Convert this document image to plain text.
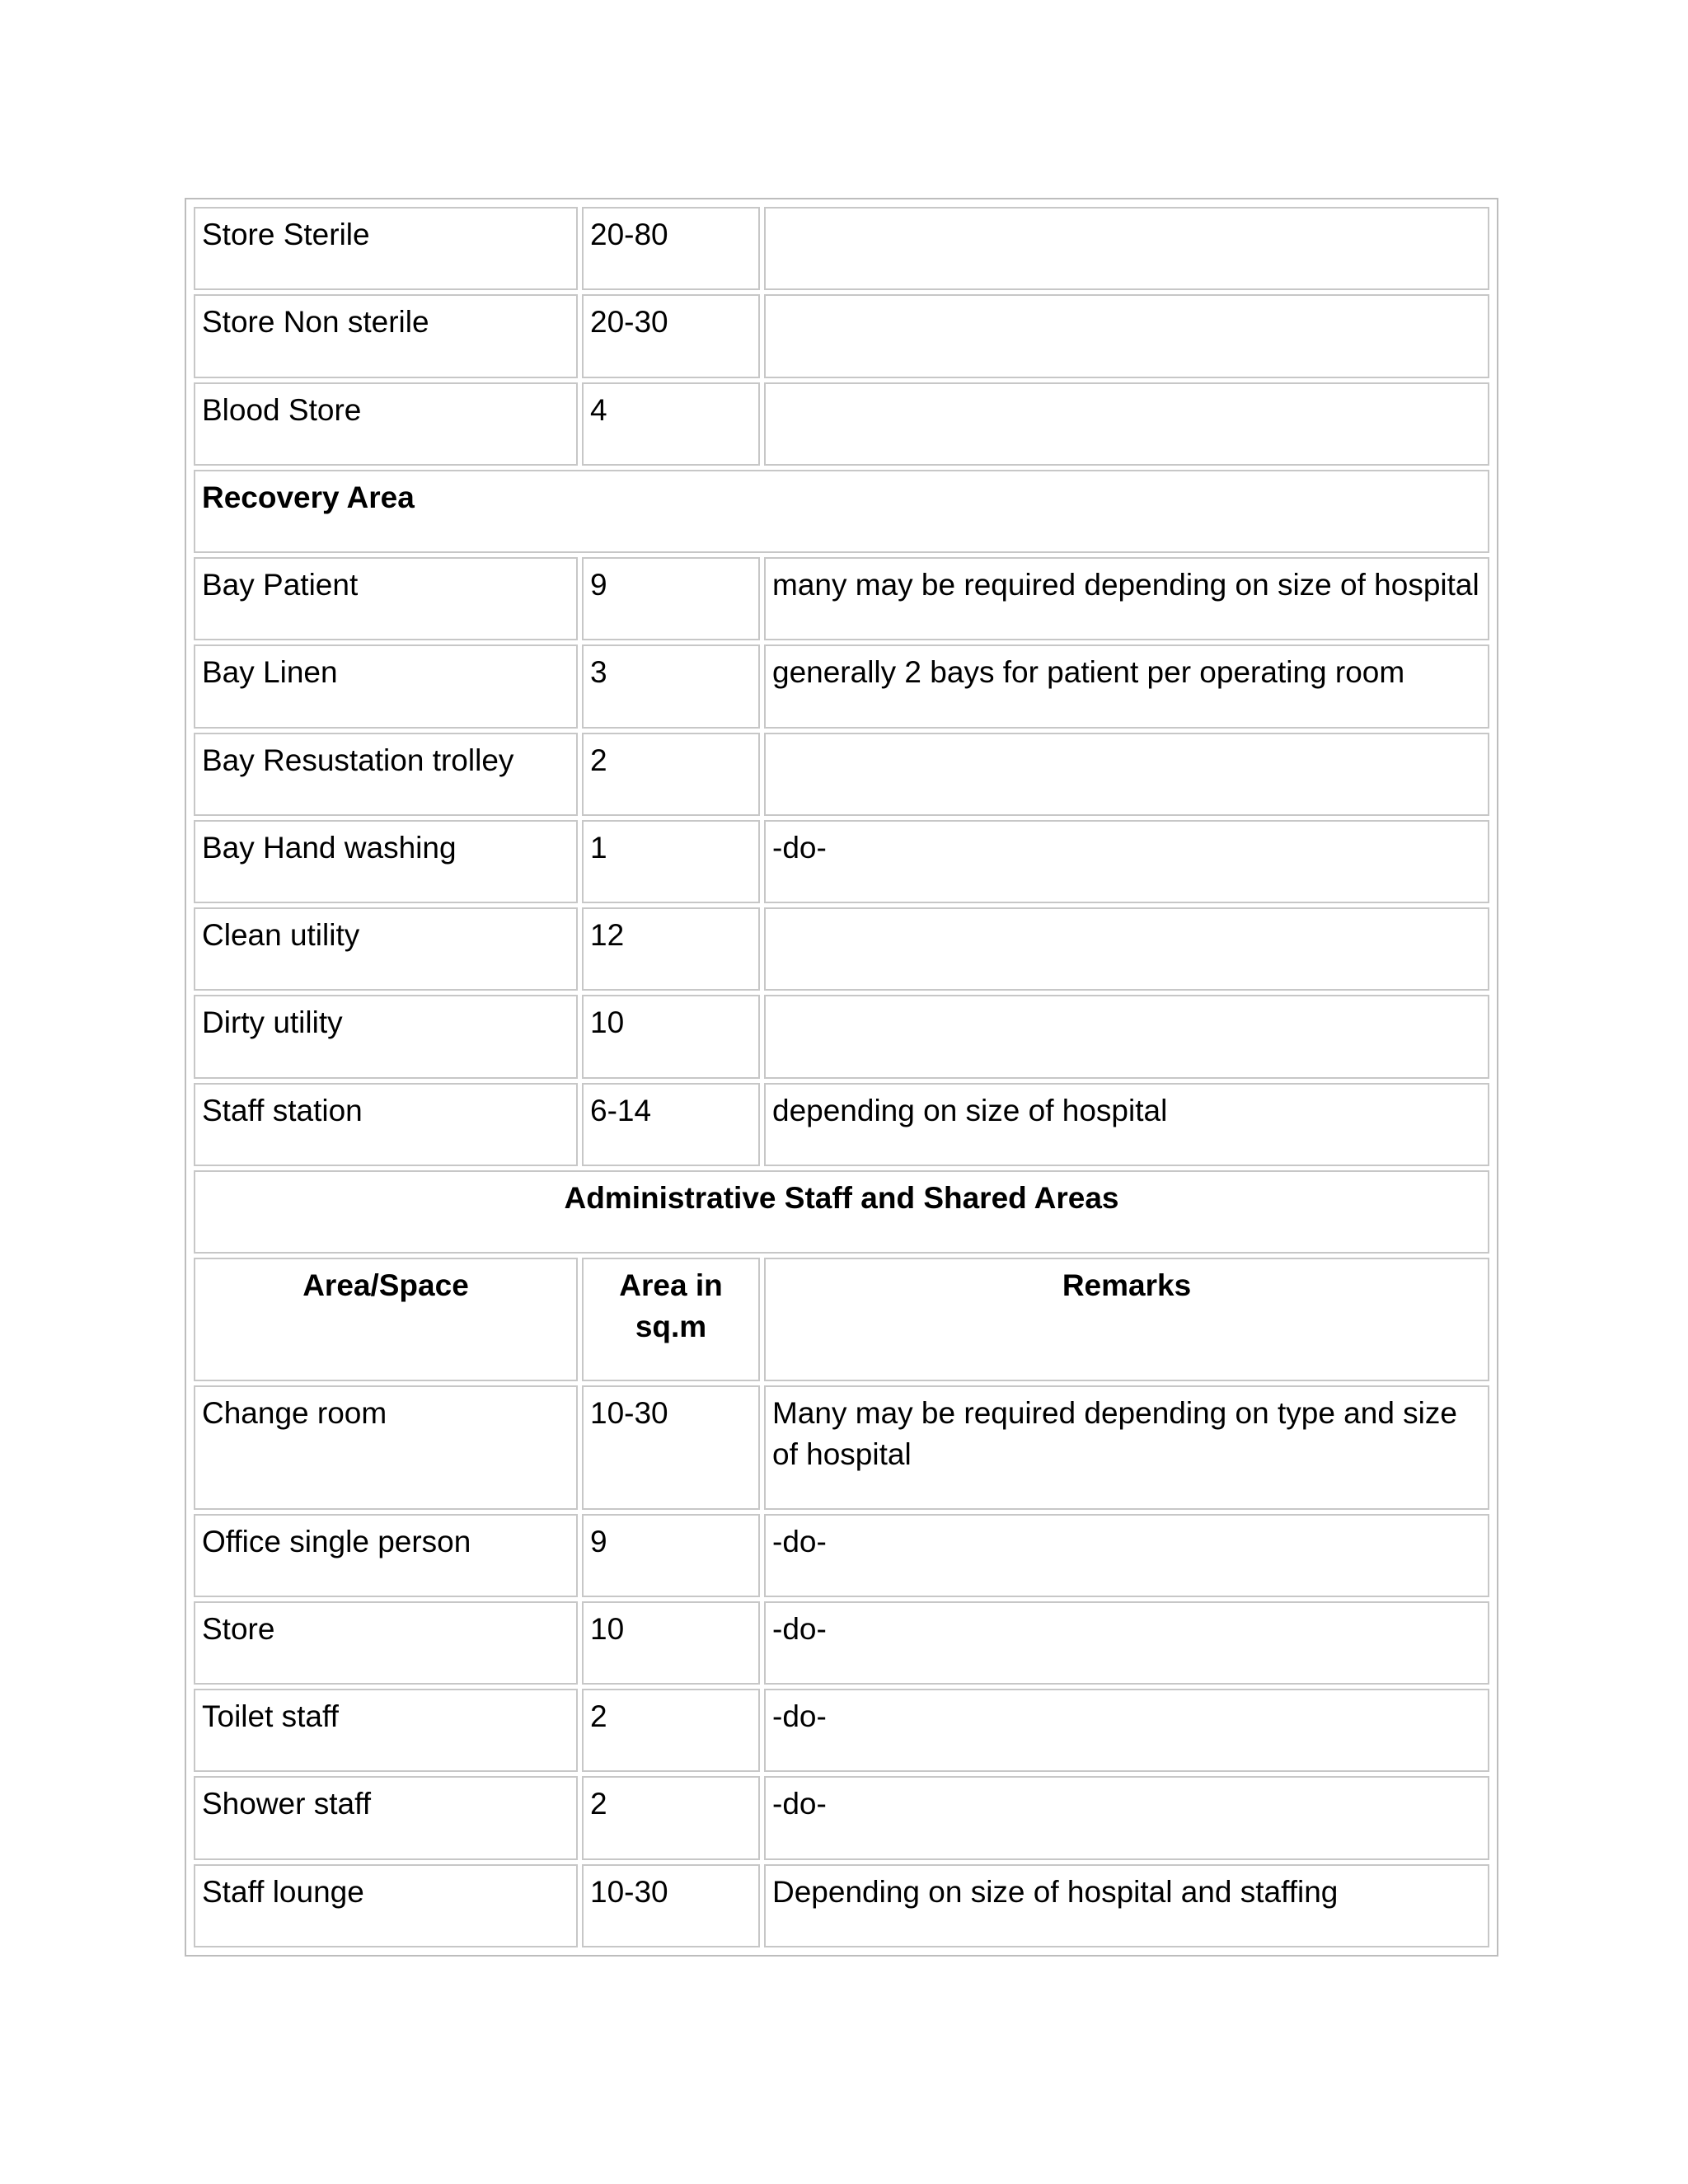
Store Sterile	20-80	
Store Non sterile	20-30	
Blood Store	4	
Recovery Area		
Bay Patient	9	many may be required depending on size of hospital
Bay Linen	3	generally 2 bays for patient per operating room
Bay Resustation trolley	2	
Bay Hand washing	1	-do-
Clean utility	12	
Dirty utility	10	
Staff station	6-14	depending on size of hospital
Administrative Staff and Shared Areas		
Area/Space	Area in sq.m	Remarks
Change room	10-30	Many may be required depending on type and size of hospital
Office single person	9	-do-
Store	10	-do-
Toilet staff	2	-do-
Shower staff	2	-do-
Staff lounge	10-30	Depending on size of hospital and staffing
